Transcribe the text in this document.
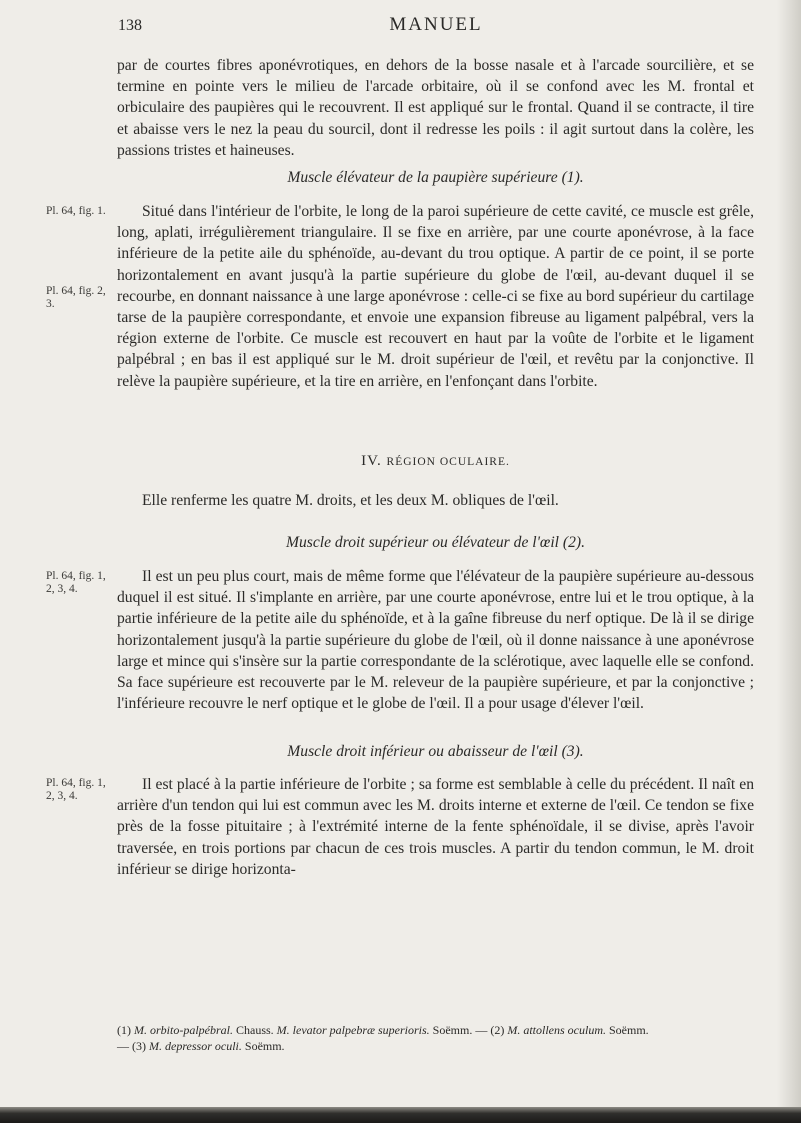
138	MANUEL

par de courtes fibres aponévrotiques, en dehors de la bosse nasale et à l'arcade sourcilière, et se termine en pointe vers le milieu de l'arcade orbitaire, où il se confond avec les M. frontal et orbiculaire des paupières qui le recouvrent. Il est appliqué sur le frontal. Quand il se contracte, il tire et abaisse vers le nez la peau du sourcil, dont il redresse les poils : il agit surtout dans la colère, les passions tristes et haineuses.

Muscle élévateur de la paupière supérieure (1).
Pl. 64, fig. 1.
Pl. 64, fig. 2, 3.

Situé dans l'intérieur de l'orbite, le long de la paroi supérieure de cette cavité, ce muscle est grêle, long, aplati, irrégulièrement triangulaire. Il se fixe en arrière, par une courte aponévrose, à la face inférieure de la petite aile du sphénoïde, au-devant du trou optique. A partir de ce point, il se porte horizontalement en avant jusqu'à la partie supérieure du globe de l'œil, au-devant duquel il se recourbe, en donnant naissance à une large aponévrose : celle-ci se fixe au bord supérieur du cartilage tarse de la paupière correspondante, et envoie une expansion fibreuse au ligament palpébral, vers la région externe de l'orbite. Ce muscle est recouvert en haut par la voûte de l'orbite et le ligament palpébral ; en bas il est appliqué sur le M. droit supérieur de l'œil, et revêtu par la conjonctive. Il relève la paupière supérieure, et la tire en arrière, en l'enfonçant dans l'orbite.

IV. RÉGION OCULAIRE.

Elle renferme les quatre M. droits, et les deux M. obliques de l'œil.

Muscle droit supérieur ou élévateur de l'œil (2).
Pl. 64, fig. 1, 2, 3, 4.

Il est un peu plus court, mais de même forme que l'élévateur de la paupière supérieure au-dessous duquel il est situé. Il s'implante en arrière, par une courte aponévrose, entre lui et le trou optique, à la partie inférieure de la petite aile du sphénoïde, et à la gaîne fibreuse du nerf optique. De là il se dirige horizontalement jusqu'à la partie supérieure du globe de l'œil, où il donne naissance à une aponévrose large et mince qui s'insère sur la partie correspondante de la sclérotique, avec laquelle elle se confond. Sa face supérieure est recouverte par le M. releveur de la paupière supérieure, et par la conjonctive ; l'inférieure recouvre le nerf optique et le globe de l'œil. Il a pour usage d'élever l'œil.

Muscle droit inférieur ou abaisseur de l'œil (3).
Pl. 64, fig. 1, 2, 3, 4.

Il est placé à la partie inférieure de l'orbite ; sa forme est semblable à celle du précédent. Il naît en arrière d'un tendon qui lui est commun avec les M. droits interne et externe de l'œil. Ce tendon se fixe près de la fosse pituitaire ; à l'extrémité interne de la fente sphénoïdale, il se divise, après l'avoir traversée, en trois portions par chacun de ces trois muscles. A partir du tendon commun, le M. droit inférieur se dirige horizonta-

(1) M. orbito-palpébral. Chauss. M. levator palpebræ superioris. Soëmm. — (2) M. attollens oculum. Soëmm.

— (3) M. depressor oculi. Soëmm.
